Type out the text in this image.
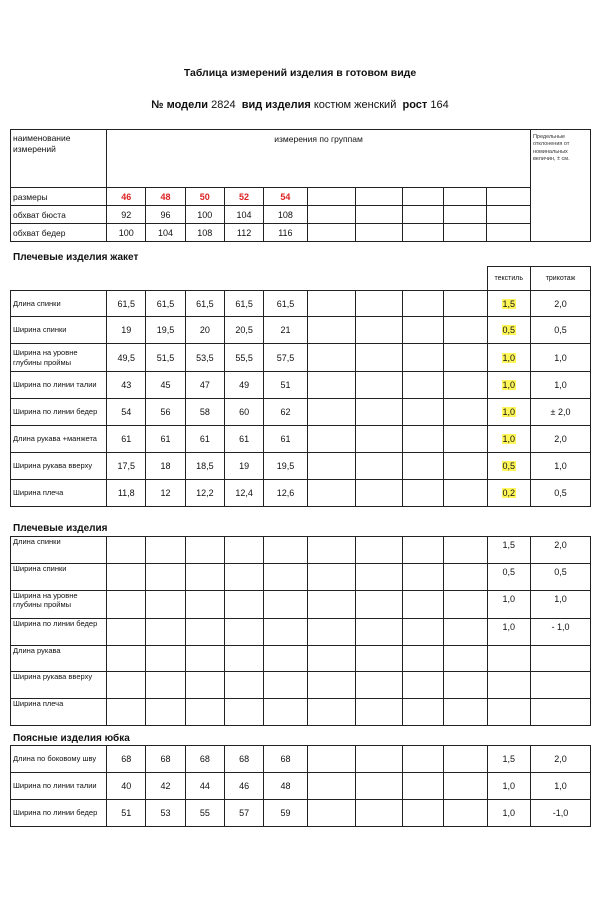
Таблица измерений изделия в готовом виде
№ модели 2824 вид изделия костюм женский рост 164
наименование измерений	измерения по группам										Предельные отклонения от номинальных величин, ± см.
размеры	46	48	50	52	54						
обхват бюста	92	96	100	104	108						
обхват бедер	100	104	108	112	116						
Плечевые изделия жакет
										текстиль	трикотаж
Длина спинки	61,5	61,5	61,5	61,5	61,5					1,5	2,0
Ширина спинки	19	19,5	20	20,5	21					0,5	0,5
Ширина на уровне глубины проймы	49,5	51,5	53,5	55,5	57,5					1,0	1,0
Ширина по линии талии	43	45	47	49	51					1,0	1,0
Ширина по линии бедер	54	56	58	60	62					1,0	± 2,0
Длина рукава +манжета	61	61	61	61	61					1,0	2,0
Ширина рукава вверху	17,5	18	18,5	19	19,5					0,5	1,0
Ширина плеча	11,8	12	12,2	12,4	12,6					0,2	0,5
Плечевые изделия
Длина спинки										1,5	2,0
Ширина спинки										0,5	0,5
Ширина на уровне глубины проймы										1,0	1,0
Ширина по линии бедер										1,0	- 1,0
Длина рукава											
Ширина рукава вверху											
Ширина плеча											
Поясные изделия юбка
Длина по боковому шву	68	68	68	68	68					1,5	2,0
Ширина по линии талии	40	42	44	46	48					1,0	1,0
Ширина по линии бедер	51	53	55	57	59					1,0	-1,0
